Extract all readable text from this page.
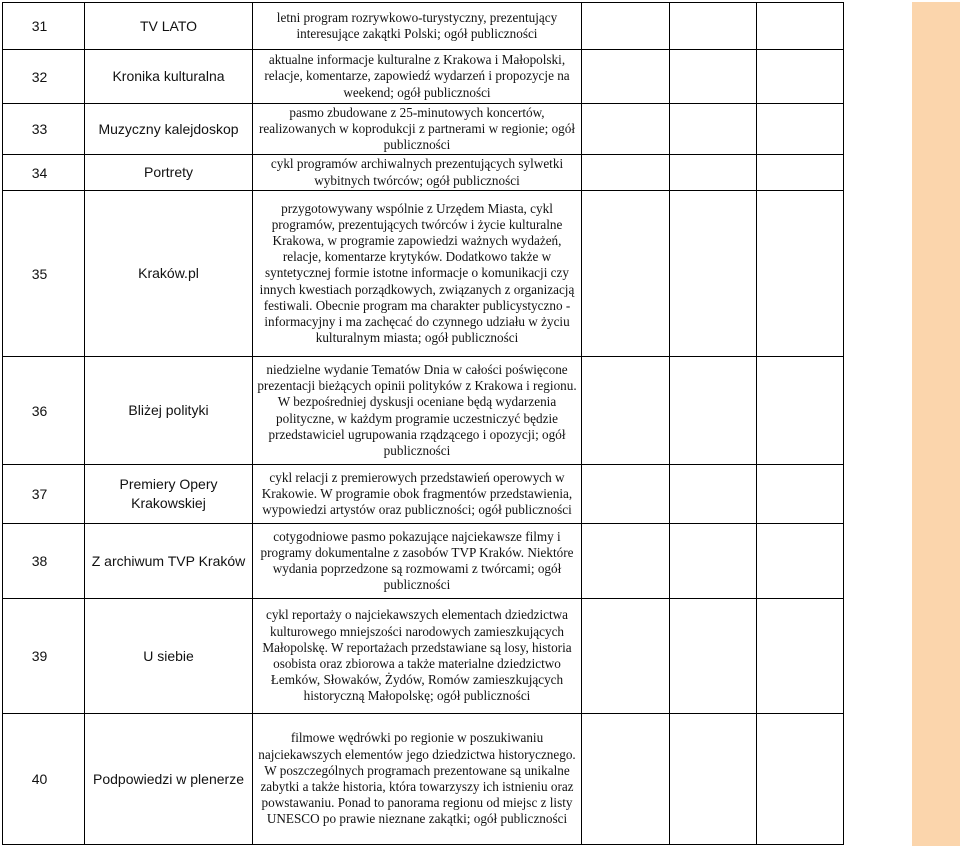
31	TV LATO	letni program rozrywkowo-turystyczny, prezentujący interesujące zakątki Polski; ogół publiczności			
32	Kronika kulturalna	aktualne informacje kulturalne z Krakowa i Małopolski, relacje, komentarze, zapowiedź wydarzeń i propozycje na weekend; ogół publiczności			
33	Muzyczny kalejdoskop	pasmo zbudowane z 25-minutowych koncertów, realizowanych w koprodukcji z partnerami w regionie; ogół publiczności			
34	Portrety	cykl programów archiwalnych prezentujących sylwetki wybitnych twórców; ogół publiczności			
35	Kraków.pl	przygotowywany wspólnie z Urzędem Miasta, cykl programów, prezentujących twórców i życie kulturalne Krakowa, w programie zapowiedzi ważnych wydażeń, relacje, komentarze krytyków. Dodatkowo także w syntetycznej formie istotne informacje o komunikacji czy innych kwestiach porządkowych, związanych z organizacją festiwali. Obecnie program ma charakter publicystyczno - informacyjny i ma zachęcać do czynnego udziału w życiu kulturalnym miasta; ogół publiczności			
36	Bliżej polityki	niedzielne wydanie Tematów Dnia w całości poświęcone prezentacji bieżących opinii polityków z Krakowa i regionu. W bezpośredniej dyskusji oceniane będą wydarzenia polityczne, w każdym programie uczestniczyć będzie przedstawiciel ugrupowania rządzącego i opozycji; ogół publiczności			
37	Premiery Opery Krakowskiej	cykl relacji z premierowych przedstawień operowych w Krakowie. W programie obok fragmentów przedstawienia, wypowiedzi artystów oraz publiczności; ogół publiczności			
38	Z archiwum TVP Kraków	cotygodniowe pasmo pokazujące najciekawsze filmy i programy dokumentalne z zasobów TVP Kraków. Niektóre wydania poprzedzone są rozmowami z twórcami; ogół publiczności			
39	U siebie	cykl reportaży o najciekawszych elementach dziedzictwa kulturowego mniejszości narodowych zamieszkujących Małopolskę. W reportażach przedstawiane są losy, historia osobista oraz zbiorowa a także materialne dziedzictwo Łemków, Słowaków, Żydów, Romów zamieszkujących historyczną Małopolskę; ogół publiczności			
40	Podpowiedzi w plenerze	filmowe wędrówki po regionie w poszukiwaniu najciekawszych elementów jego dziedzictwa historycznego. W poszczególnych programach prezentowane są unikalne zabytki a także historia, która towarzyszy ich istnieniu oraz powstawaniu. Ponad to panorama regionu od miejsc z listy UNESCO po prawie nieznane zakątki; ogół publiczności			
